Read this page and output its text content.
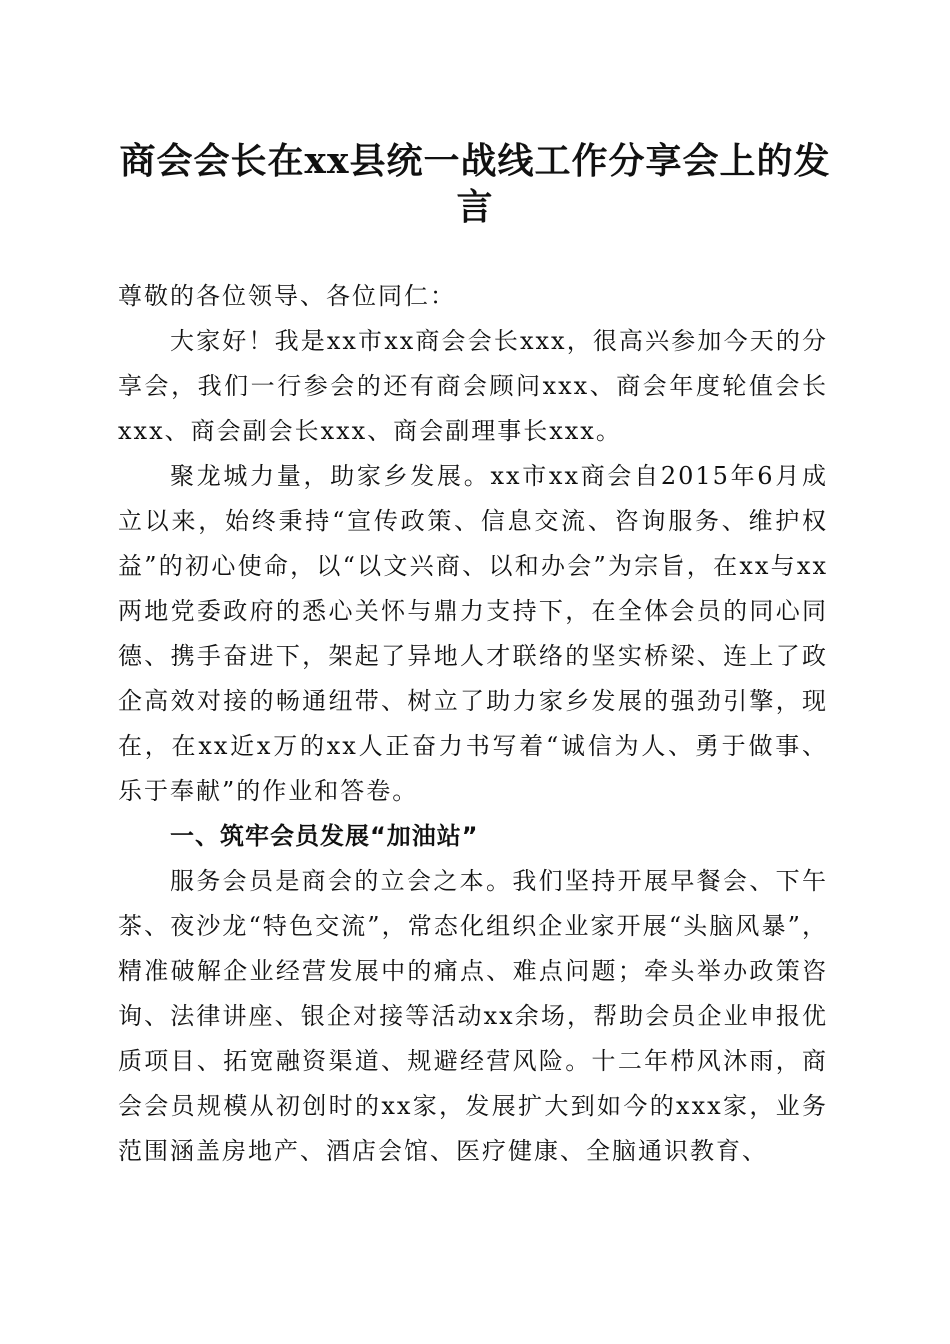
商会会长在xx县统一战线工作分享会上的发
言

尊敬的各位领导、各位同仁：

大家好！我是xx市xx商会会长xxx，很高兴参加今天的分享会，我们一行参会的还有商会顾问xxx、商会年度轮值会长xxx、商会副会长xxx、商会副理事长xxx。

聚龙城力量，助家乡发展。xx市xx商会自2015年6月成立以来，始终秉持“宣传政策、信息交流、咨询服务、维护权益”的初心使命，以“以文兴商、以和办会”为宗旨，在xx与xx两地党委政府的悉心关怀与鼎力支持下，在全体会员的同心同德、携手奋进下，架起了异地人才联络的坚实桥梁、连上了政企高效对接的畅通纽带、树立了助力家乡发展的强劲引擎，现在，在xx近x万的xx人正奋力书写着“诚信为人、勇于做事、乐于奉献”的作业和答卷。

一、筑牢会员发展“加油站”

服务会员是商会的立会之本。我们坚持开展早餐会、下午茶、夜沙龙“特色交流”，常态化组织企业家开展“头脑风暴”，精准破解企业经营发展中的痛点、难点问题；牵头举办政策咨询、法律讲座、银企对接等活动xx余场，帮助会员企业申报优质项目、拓宽融资渠道、规避经营风险。十二年栉风沐雨，商会会员规模从初创时的xx家，发展扩大到如今的xxx家，业务范围涵盖房地产、酒店会馆、医疗健康、全脑通识教育、
